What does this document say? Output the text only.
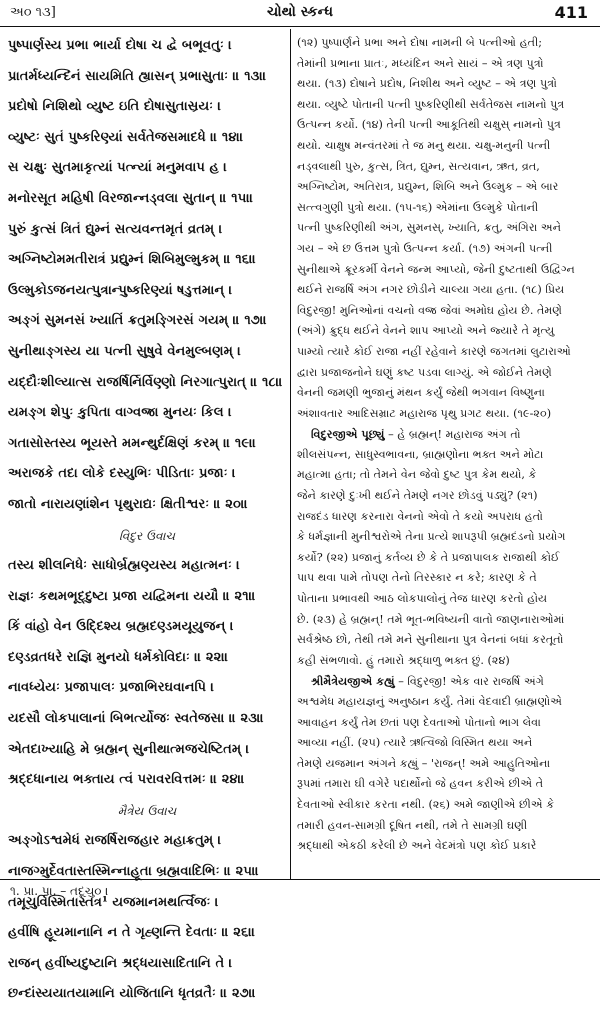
અ૦ ૧૩]	ચોથો સ્કન્ધ	411
પુષ્પાર્ણસ્ય પ્રભા ભાર્યા દોષા ચ દ્વે બભૂવતુઃ ।
પ્રાતર્મધ્યન્દિનં સાયમિતિ હ્યાસન્ પ્રભાસુતાઃ ॥ ૧૩॥
પ્રદોષો નિશિથો વ્યુષ્ટ ઇતિ દોષાસુતાસ્રયઃ ।
વ્યુષ્ટઃ સુતં પુષ્કરિણ્યાં સર્વતેજસમાદધે ॥ ૧૪॥
સ ચક્ષુઃ સુતમાકૃત્યાં પત્ન્યાં મનુમવાપ હ ।
મનોરસૂત મહિષી વિરજાન્નડ્વલા સુતાન્ ॥ ૧૫॥
પુરું કુત્સં ત્રિતં દ્યુમ્નં સત્યવન્તમૃતં વ્રતમ્ ।
અગ્નિષ્ટોમમતીરાત્રં પ્રદ્યુમ્નં શિબિમુલ્મુકમ્ ॥ ૧૬॥
ઉલ્મુકોઽજનયત્પુત્રાન્પુષ્કરિણ્યાં ષડુત્તમાન્ ।
અઙ્ગં સુમનસં ખ્યાતિં ક્રતુમઙ્ગિરસં ગયમ્ ॥ ૧૭॥
સુનીથાઙ્ગસ્ય યા પત્ની સુષુવે વેનમુલ્બણમ્ ।
યદ્દૌઃશીલ્યાત્સ રાજર્ષિર્નિર્વિણ્ણો નિરગાત્પુરાત્ ॥ ૧૮॥
યમઙ્ગ શેપુઃ કુપિતા વાગ્વજ્રા મુનયઃ કિલ ।
ગતાસોસ્તસ્ય ભૂયસ્તે મમન્થુર્દક્ષિણં કરમ્ ॥ ૧૯॥
અરાજકે તદા લોકે દસ્યુભિઃ પીડિતાઃ પ્રજાઃ ।
જાતો નારાયણાંશેન પૃથુરાદ્યઃ ક્ષિતીશ્વરઃ ॥ ૨૦॥
વિદુર ઉવાચ
તસ્ય શીલનિધેઃ સાધોર્બ્રહ્મણ્યસ્ય મહાત્મનઃ ।
રાજ્ઞઃ કથમભૂદ્દુષ્ટા પ્રજા યદ્વિમના યયૌ ॥ ૨૧॥
કિં વાંહો વેન ઉદ્દિશ્ય બ્રહ્મદણ્ડમયૂયુજન્ ।
દણ્ડવ્રતધરે રાજ્ઞિ મુનયો ધર્મકોવિદાઃ ॥ ૨૨॥
નાવધ્યેયઃ પ્રજાપાલઃ પ્રજાભિરઘવાનપિ ।
યદસૌ લોકપાલાનાં બિભર્ત્યોજઃ સ્વતેજસા ॥ ૨૩॥
એતદાખ્યાહિ મે બ્રહ્મન્ સુનીથાત્મજચેષ્ટિતમ્ ।
શ્રદ્દધાનાય ભક્તાય ત્વં પરાવરવિત્તમઃ ॥ ૨૪॥
મૈત્રેય ઉવાચ
અઙ્ગોઽશ્વમેધં રાજર્ષિરાજહાર મહાક્રતુમ્ ।
નાજગ્મુર્દેવતાસ્તસ્મિન્નાહૂતા બ્રહ્મવાદિભિઃ ॥ ૨૫॥
તમૂચુર્વિસ્મિતાસ્તત્ર¹ યજમાનમથર્ત્વિજઃ ।
હવીંષિ હૂયમાનાનિ ન તે ગૃહ્ણન્તિ દેવતાઃ ॥ ૨૬॥
રાજન્ હવીંષ્યદુષ્ટાનિ શ્રદ્ધયાસાદિતાનિ તે ।
છન્દાંસ્યયાતયામાનિ યોજિતાનિ ધૃતવ્રતૈઃ ॥ ૨૭॥
(૧૨) પુષ્પાર્ણને પ્રભા અને દોષા નામની બે પત્નીઓ હતી;
તેમાંની પ્રભાના પ્રાતઃ, મધ્યંદિન અને સાયં – એ ત્રણ પુત્રો
થયા. (૧૩) દોષાને પ્રદોષ, નિશીથ અને વ્યુષ્ટ – એ ત્રણ પુત્રો
થયા. વ્યુષ્ટે પોતાની પત્ની પુષ્કરિણીથી સર્વતેજસ નામનો પુત્ર
ઉત્પન્ન કર્યો. (૧૪) તેની પત્ની આકૂતિથી ચક્ષુસ્ નામનો પુત્ર
થયો. ચાક્ષુષ મન્વંતરમાં તે જ મનુ થયા. ચક્ષુ-મનુની પત્ની
નડ્વલાથી પુરુ, કુત્સ, ત્રિત, દ્યુમ્ન, સત્યવાન, ઋત, વ્રત,
અગ્નિષ્ટોમ, અતિરાત્ર, પ્રદ્યુમ્ન, શિબિ અને ઉલ્મુક – એ બાર
સત્ત્વગુણી પુત્રો થયા. (૧૫-૧૬) એમાંના ઉલ્મુકે પોતાની
પત્ની પુષ્કરિણીથી અંગ, સુમનસ્, ખ્યાતિ, ક્રતુ, અંગિરા અને
ગય – એ છ ઉત્તમ પુત્રો ઉત્પન્ન કર્યા. (૧૭) અંગની પત્ની
સુનીથાએ ક્રૂરકર્મી વેનને જન્મ આપ્યો, જેની દુષ્ટતાથી ઉદ્વિગ્ન
થઈને રાજર્ષિ અંગ નગર છોડીને ચાલ્યા ગયા હતા. (૧૮) પ્રિય
વિદુરજી! મુનિઓનાં વચનો વજ્ર જેવાં અમોઘ હોય છે. તેમણે
(અંગે) ક્રુદ્ધ થઈને વેનને શાપ આપ્યો અને જ્યારે તે મૃત્યુ
પામ્યો ત્યારે કોઈ રાજા નહીં રહેવાને કારણે જગતમાં લુટારાઓ
દ્વારા પ્રજાજનોને ઘણું કષ્ટ પડવા લાગ્યું. એ જોઈને તેમણે
વેનની જમણી ભુજાનું મંથન કર્યું જેથી ભગવાન વિષ્ણુના
અંશાવતાર આદિસમ્રાટ મહારાજ પૃથુ પ્રગટ થયા. (૧૯-૨૦)
વિદુરજીએ પૂછ્યું – હે બ્રહ્મન્! મહારાજ અંગ તો
શીલસંપન્ન, સાધુસ્વભાવના, બ્રાહ્મણોના ભક્ત અને મોટા
મહાત્મા હતા; તો તેમને વેન જેવો દુષ્ટ પુત્ર કેમ થયો, કે
જેને કારણે દુઃખી થઈને તેમણે નગર છોડવું પડ્યું? (૨૧)
રાજદંડ ધારણ કરનારા વેનનો એવો તે કયો અપરાધ હતો
કે ધર્મજ્ઞાની મુનીશ્વરોએ તેના પ્રત્યે શાપરૂપી બ્રહ્મદંડનો પ્રયોગ
કર્યો? (૨૨) પ્રજાનું કર્તવ્ય છે કે તે પ્રજાપાલક રાજાથી કોઈ
પાપ થવા પામે તોપણ તેનો તિરસ્કાર ન કરે; કારણ કે તે
પોતાના પ્રભાવથી આઠ લોકપાલોનું તેજ ધારણ કરતો હોય
છે. (૨૩) હે બ્રહ્મન્! તમે ભૂત-ભવિષ્યની વાતો જાણનારાઓમાં
સર્વશ્રેષ્ઠ છો, તેથી તમે મને સુનીથાના પુત્ર વેનનાં બધાં કરતૂતો
કહી સંભળાવો. હું તમારો શ્રદ્ધાળુ ભક્ત છું. (૨૪)
શ્રીમૈત્રેયજીએ કહ્યું – વિદુરજી! એક વાર રાજર્ષિ અંગે
અશ્વમેધ મહાયજ્ઞનું અનુષ્ઠાન કર્યું. તેમાં વેદવાદી બ્રાહ્મણોએ
આવાહન કર્યું તેમ છતાં પણ દેવતાઓ પોતાનો ભાગ લેવા
આવ્યા નહીં. (૨૫) ત્યારે ઋત્વિજો વિસ્મિત થયા અને
તેમણે યજમાન અંગને કહ્યું – 'રાજન્! અમે આહુતિઓના
રૂપમાં તમારા ઘી વગેરે પદાર્થોનો જે હવન કરીએ છીએ તે
દેવતાઓ સ્વીકાર કરતા નથી. (૨૬) અમે જાણીએ છીએ કે
તમારી હવન-સામગ્રી દૂષિત નથી, તમે તે સામગ્રી ઘણી
શ્રદ્ધાથી એકઠી કરેલી છે અને વેદમંત્રો પણ કોઈ પ્રકારે
૧. પ્રા. પા. – તદૂચુ૦ ।
